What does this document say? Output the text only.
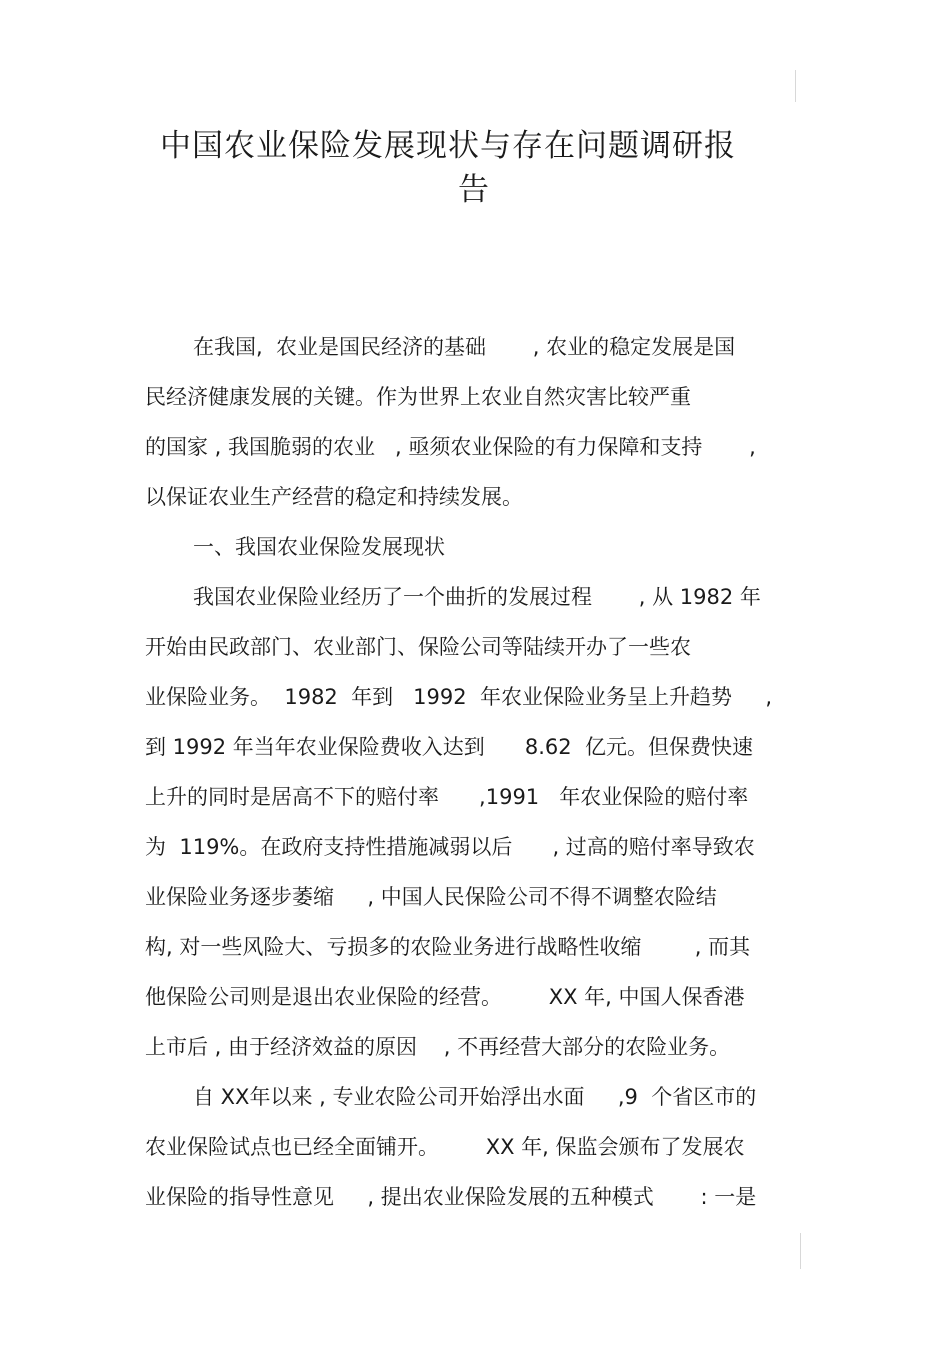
中国农业保险发展现状与存在问题调研报
告
在我国,  农业是国民经济的基础       , 农业的稳定发展是国
民经济健康发展的关键。作为世界上农业自然灾害比较严重
的国家 , 我国脆弱的农业   , 亟须农业保险的有力保障和支持       ,
以保证农业生产经营的稳定和持续发展。
一、我国农业保险发展现状
我国农业保险业经历了一个曲折的发展过程       , 从 1982 年
开始由民政部门、农业部门、保险公司等陆续开办了一些农
业保险业务。  1982  年到   1992  年农业保险业务呈上升趋势     ,
到 1992 年当年农业保险费收入达到      8.62  亿元。但保费快速
上升的同时是居高不下的赔付率      ,1991   年农业保险的赔付率
为  119%。在政府支持性措施减弱以后      , 过高的赔付率导致农
业保险业务逐步萎缩     , 中国人民保险公司不得不调整农险结
构, 对一些风险大、亏损多的农险业务进行战略性收缩        , 而其
他保险公司则是退出农业保险的经营。       XX 年, 中国人保香港
上市后 , 由于经济效益的原因    , 不再经营大部分的农险业务。
自 XX年以来 , 专业农险公司开始浮出水面     ,9  个省区市的
农业保险试点也已经全面铺开。       XX 年, 保监会颁布了发展农
业保险的指导性意见     , 提出农业保险发展的五种模式       : 一是
